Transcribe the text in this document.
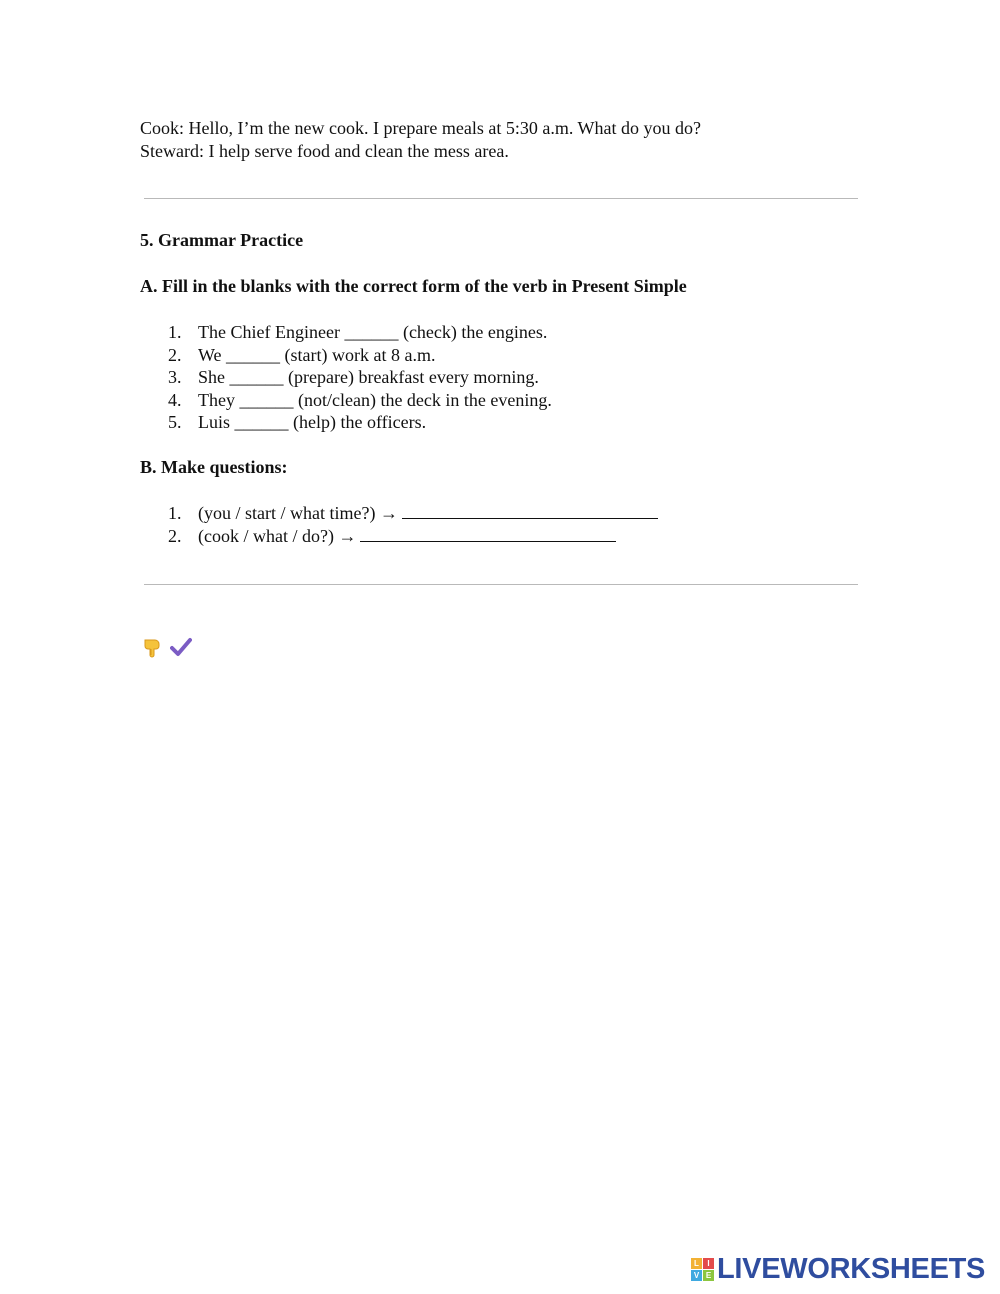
Cook: Hello, I’m the new cook. I prepare meals at 5:30 a.m. What do you do?

Steward: I help serve food and clean the mess area.

5. Grammar Practice
A. Fill in the blanks with the correct form of the verb in Present Simple
1. The Chief Engineer ______ (check) the engines.
2. We ______ (start) work at 8 a.m.
3. She ______ (prepare) breakfast every morning.
4. They ______ (not/clean) the deck in the evening.
5. Luis ______ (help) the officers.
B. Make questions:
1. (you / start / what time?) →
2. (cook / what / do?) →
L	I
V E LIVEWORKSHEETS
